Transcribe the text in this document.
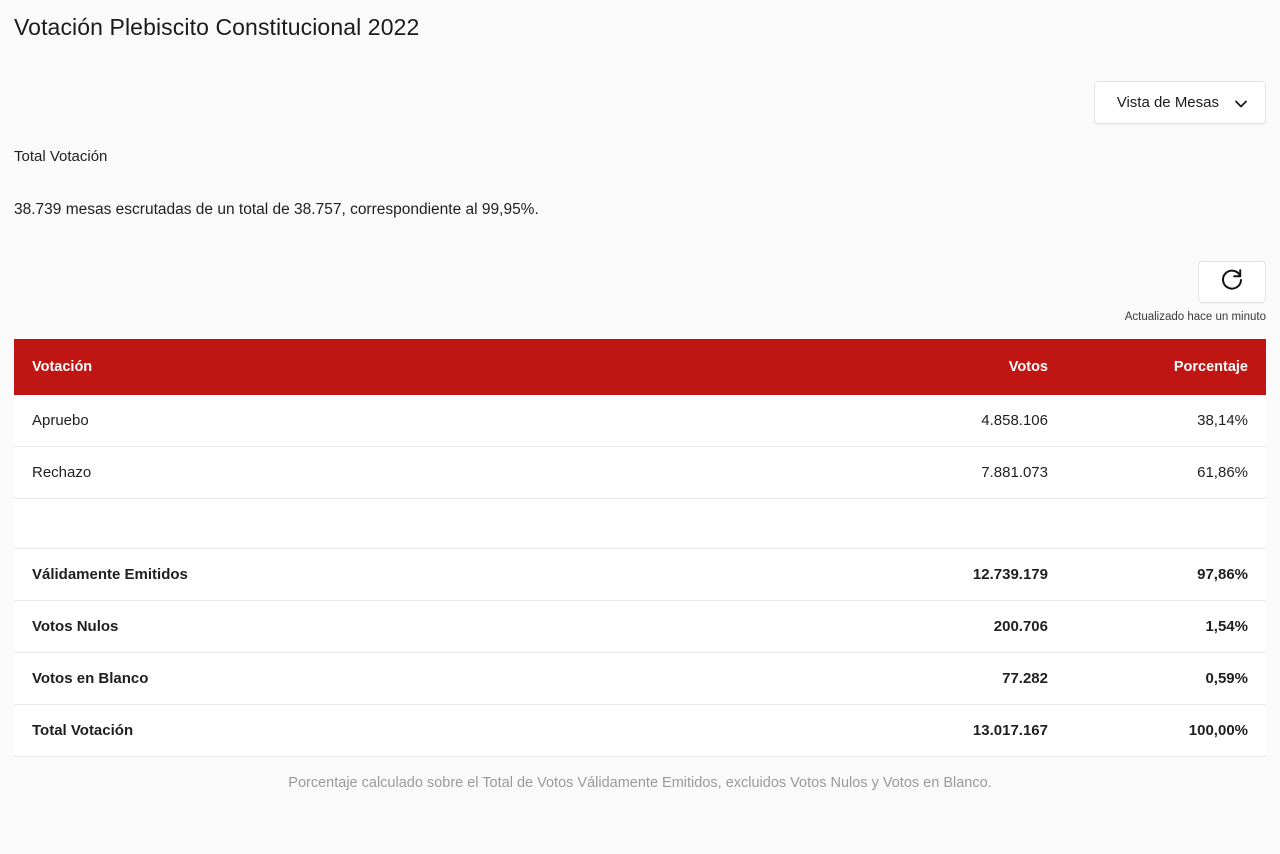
Votación Plebiscito Constitucional 2022
Vista de Mesas
Total Votación
38.739 mesas escrutadas de un total de 38.757, correspondiente al 99,95%.
Actualizado hace un minuto
Votación	Votos	Porcentaje
Apruebo	4.858.106	38,14%
Rechazo	7.881.073	61,86%

Válidamente Emitidos	12.739.179	97,86%
Votos Nulos	200.706	1,54%
Votos en Blanco	77.282	0,59%
Total Votación	13.017.167	100,00%
Porcentaje calculado sobre el Total de Votos Válidamente Emitidos, excluidos Votos Nulos y Votos en Blanco.
